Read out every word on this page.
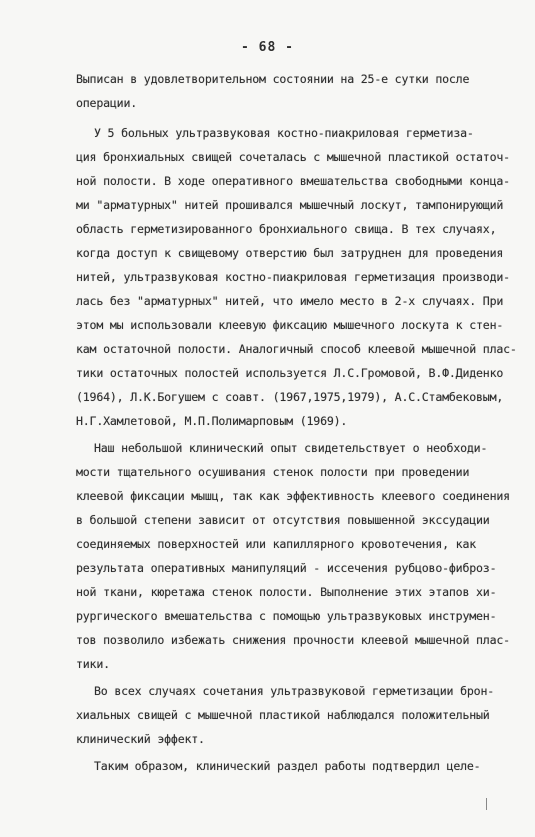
- 68 -
Выписан в удовлетворительном состоянии на 25-е сутки после
операции.
У 5 больных ультразвуковая костно-пиакриловая герметиза-
ция бронхиальных свищей сочеталась с мышечной пластикой остаточ-
ной полости. В ходе оперативного вмешательства свободными конца-
ми "арматурных" нитей прошивался мышечный лоскут, тампонирующий
область герметизированного бронхиального свища. В тех случаях,
когда доступ к свищевому отверстию был затруднен для проведения
нитей, ультразвуковая костно-пиакриловая герметизация производи-
лась без "арматурных" нитей, что имело место в 2-х случаях. При
этом мы использовали клеевую фиксацию мышечного лоскута к стен-
кам остаточной полости. Аналогичный способ клеевой мышечной плас-
тики остаточных полостей используется Л.С.Громовой, В.Ф.Диденко
(1964), Л.К.Богушем с соавт. (1967,1975,1979), А.С.Стамбековым,
Н.Г.Хамлетовой, М.П.Полимарповым (1969).
Наш небольшой клинический опыт свидетельствует о необходи-
мости тщательного осушивания стенок полости при проведении
клеевой фиксации мышц, так как эффективность клеевого соединения
в большой степени зависит от отсутствия повышенной экссудации
соединяемых поверхностей или капиллярного кровотечения, как
результата оперативных манипуляций - иссечения рубцово-фиброз-
ной ткани, кюретажа стенок полости. Выполнение этих этапов хи-
рургического вмешательства с помощью ультразвуковых инструмен-
тов позволило избежать снижения прочности клеевой мышечной плас-
тики.
Во всех случаях сочетания ультразвуковой герметизации брон-
хиальных свищей с мышечной пластикой наблюдался положительный
клинический эффект.
Таким образом, клинический раздел работы подтвердил целе-
